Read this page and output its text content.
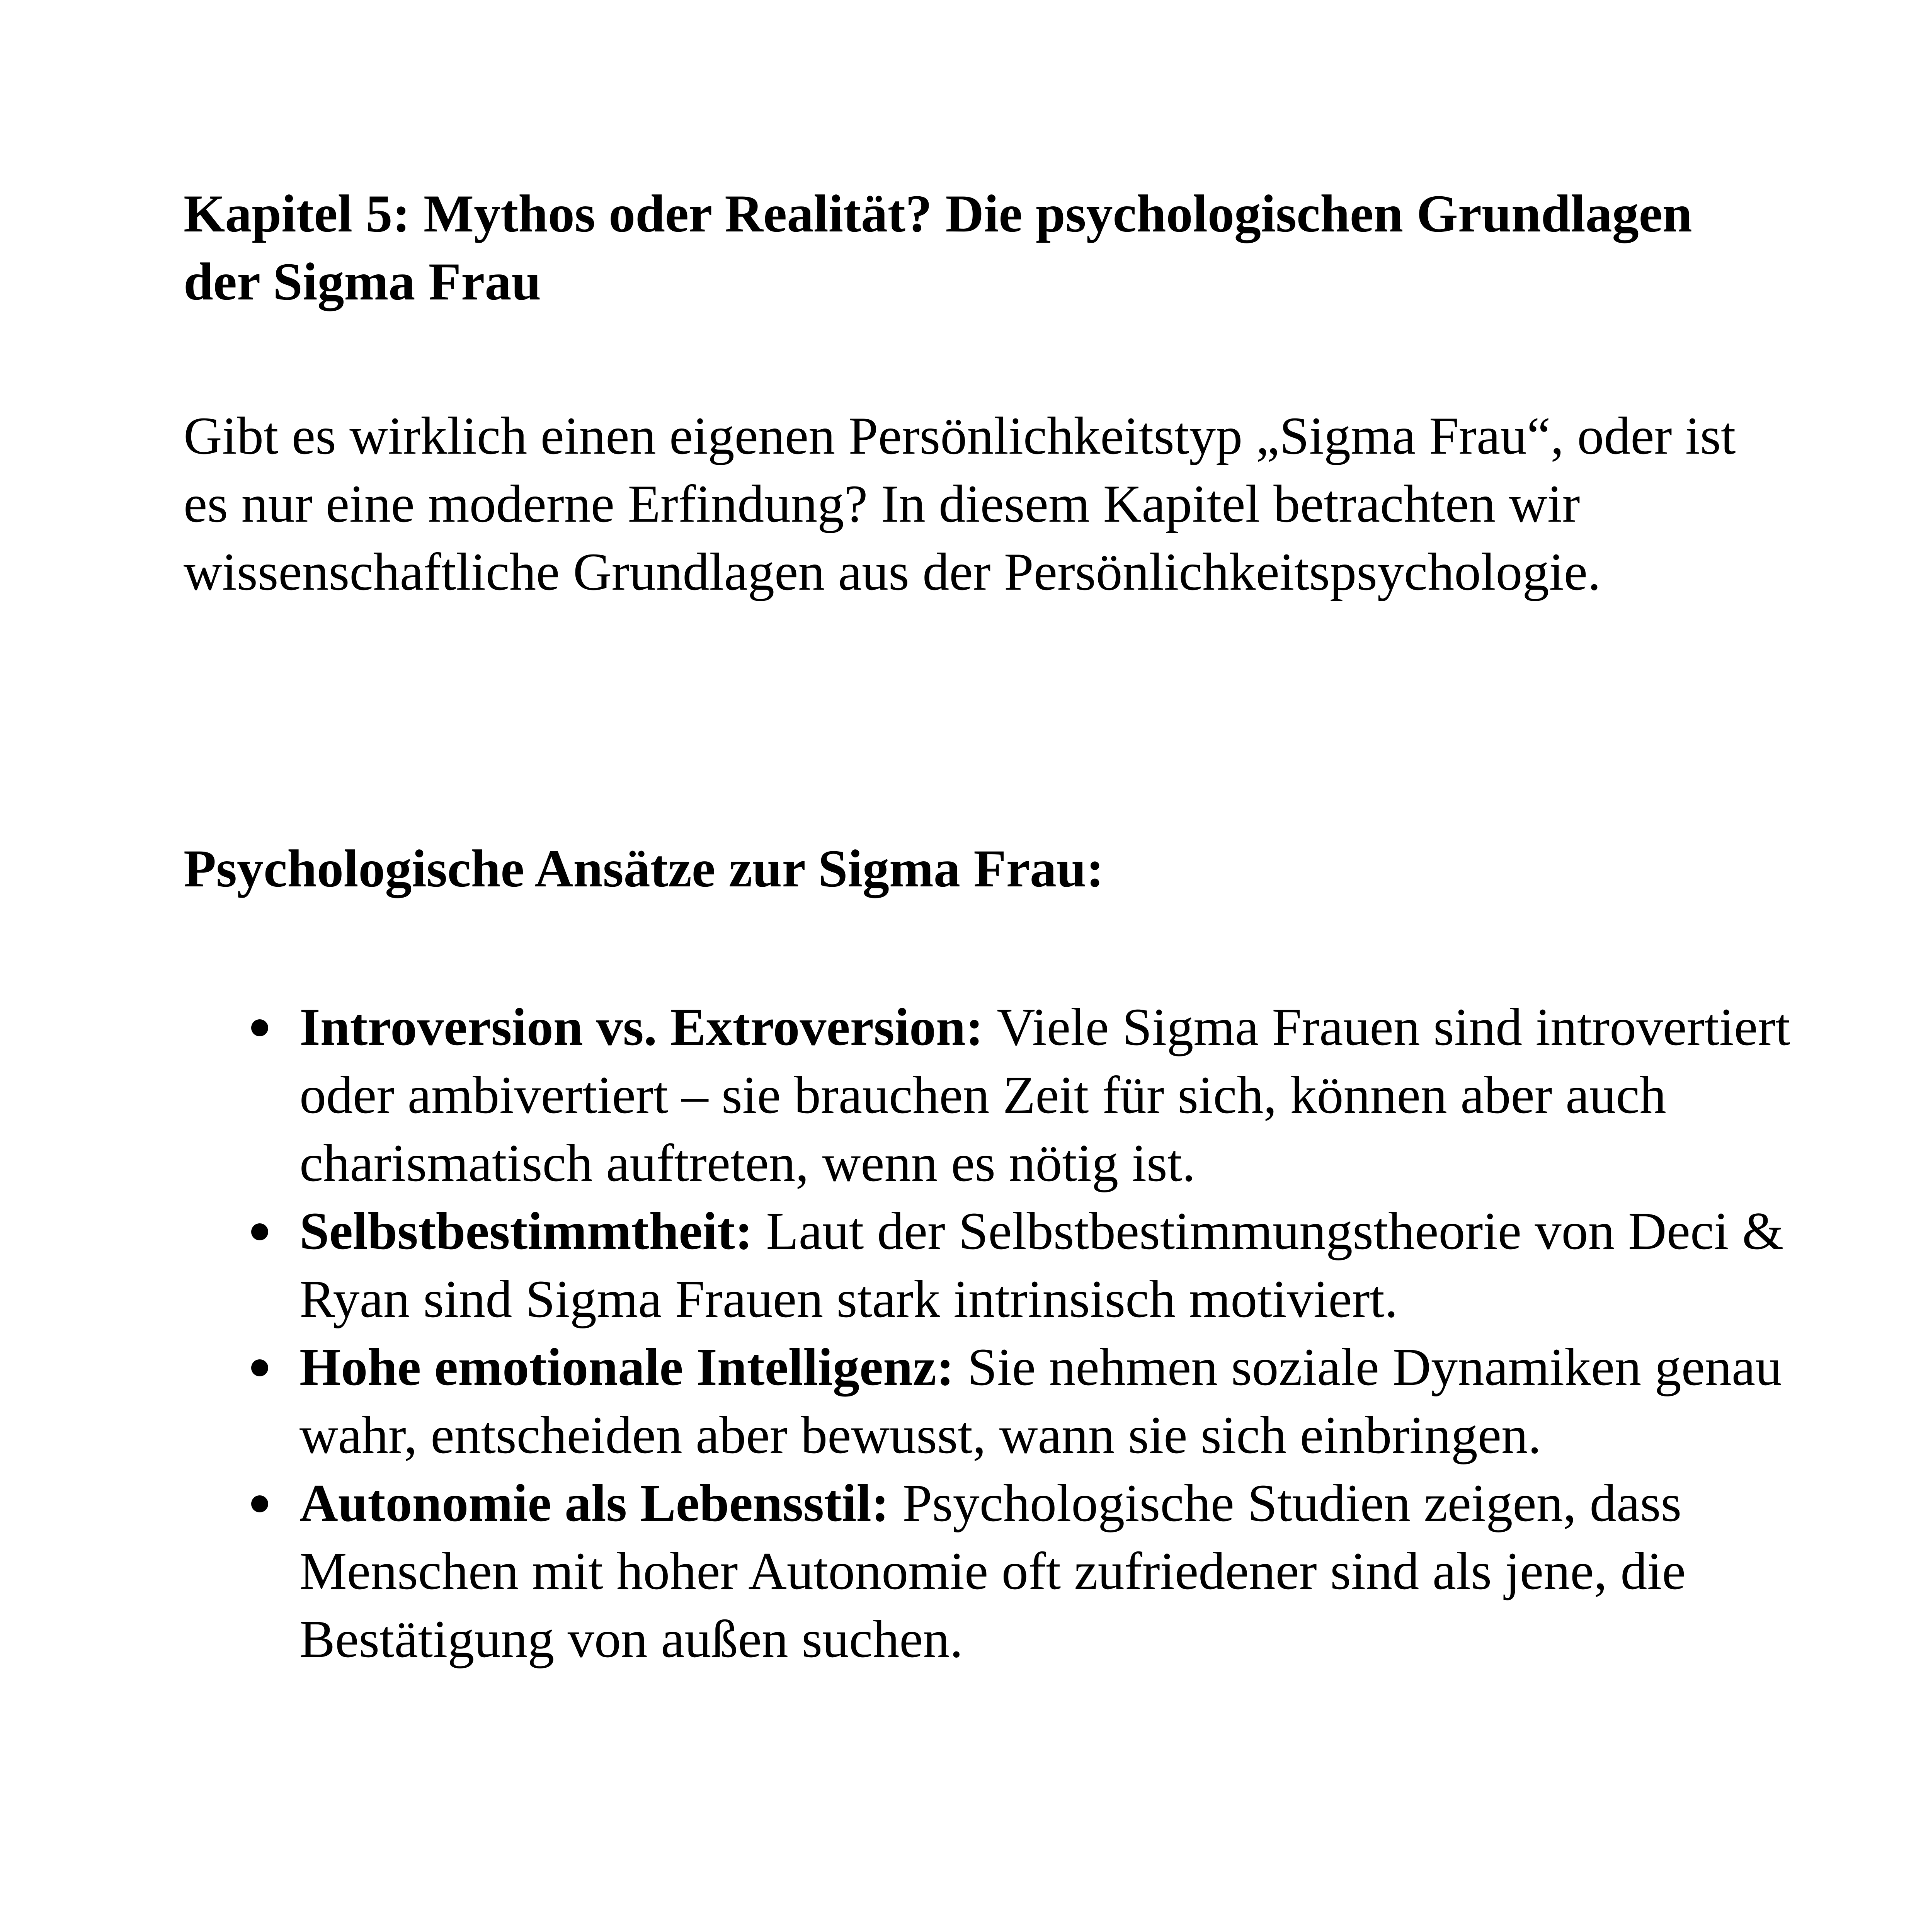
Kapitel 5: Mythos oder Realität? Die psychologischen Grundlagen der Sigma Frau

Gibt es wirklich einen eigenen Persönlichkeitstyp „Sigma Frau“, oder ist es nur eine moderne Erfindung? In diesem Kapitel betrachten wir wissenschaftliche Grundlagen aus der Persönlichkeitspsychologie.

Psychologische Ansätze zur Sigma Frau:
Introversion vs. Extroversion: Viele Sigma Frauen sind introvertiert oder ambivertiert – sie brauchen Zeit für sich, können aber auch charismatisch auftreten, wenn es nötig ist.
Selbstbestimmtheit: Laut der Selbstbestimmungstheorie von Deci & Ryan sind Sigma Frauen stark intrinsisch motiviert.
Hohe emotionale Intelligenz: Sie nehmen soziale Dynamiken genau wahr, entscheiden aber bewusst, wann sie sich einbringen.
Autonomie als Lebensstil: Psychologische Studien zeigen, dass Menschen mit hoher Autonomie oft zufriedener sind als jene, die Bestätigung von außen suchen.
